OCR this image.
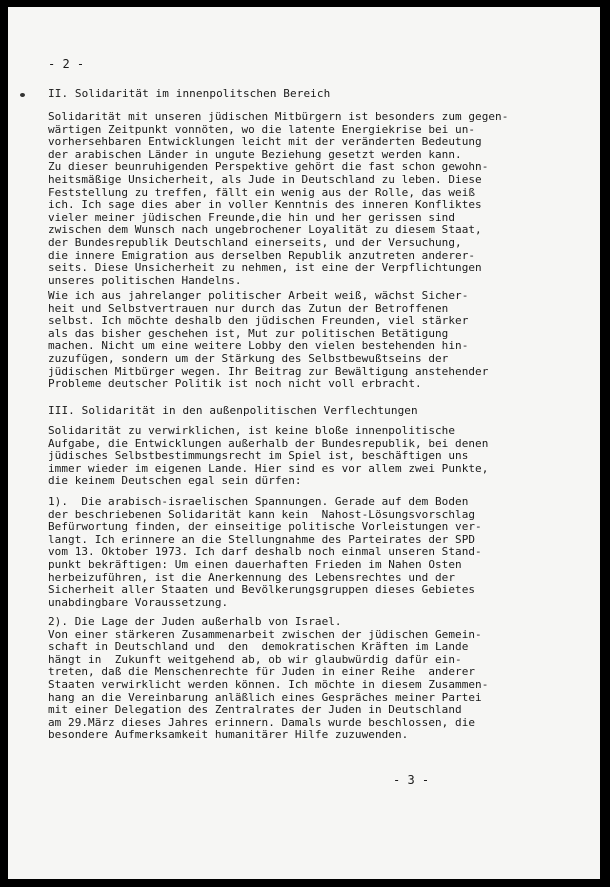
- 2 -
II. Solidarität im innenpolitschen Bereich
Solidarität mit unseren jüdischen Mitbürgern ist besonders zum gegen-
wärtigen Zeitpunkt vonnöten, wo die latente Energiekrise bei un-
vorhersehbaren Entwicklungen leicht mit der veränderten Bedeutung
der arabischen Länder in ungute Beziehung gesetzt werden kann.
Zu dieser beunruhigenden Perspektive gehört die fast schon gewohn-
heitsmäßige Unsicherheit, als Jude in Deutschland zu leben. Diese
Feststellung zu treffen, fällt ein wenig aus der Rolle, das weiß
ich. Ich sage dies aber in voller Kenntnis des inneren Konfliktes
vieler meiner jüdischen Freunde,die hin und her gerissen sind
zwischen dem Wunsch nach ungebrochener Loyalität zu diesem Staat,
der Bundesrepublik Deutschland einerseits, und der Versuchung,
die innere Emigration aus derselben Republik anzutreten anderer-
seits. Diese Unsicherheit zu nehmen, ist eine der Verpflichtungen
unseres politischen Handelns.
Wie ich aus jahrelanger politischer Arbeit weiß, wächst Sicher-
heit und Selbstvertrauen nur durch das Zutun der Betroffenen
selbst. Ich möchte deshalb den jüdischen Freunden, viel stärker
als das bisher geschehen ist, Mut zur politischen Betätigung
machen. Nicht um eine weitere Lobby den vielen bestehenden hin-
zuzufügen, sondern um der Stärkung des Selbstbewußtseins der
jüdischen Mitbürger wegen. Ihr Beitrag zur Bewältigung anstehender
Probleme deutscher Politik ist noch nicht voll erbracht.
III. Solidarität in den außenpolitischen Verflechtungen
Solidarität zu verwirklichen, ist keine bloße innenpolitische
Aufgabe, die Entwicklungen außerhalb der Bundesrepublik, bei denen
jüdisches Selbstbestimmungsrecht im Spiel ist, beschäftigen uns
immer wieder im eigenen Lande. Hier sind es vor allem zwei Punkte,
die keinem Deutschen egal sein dürfen:
1).  Die arabisch-israelischen Spannungen. Gerade auf dem Boden
der beschriebenen Solidarität kann kein  Nahost-Lösungsvorschlag
Befürwortung finden, der einseitige politische Vorleistungen ver-
langt. Ich erinnere an die Stellungnahme des Parteirates der SPD
vom 13. Oktober 1973. Ich darf deshalb noch einmal unseren Stand-
punkt bekräftigen: Um einen dauerhaften Frieden im Nahen Osten
herbeizuführen, ist die Anerkennung des Lebensrechtes und der
Sicherheit aller Staaten und Bevölkerungsgruppen dieses Gebietes
unabdingbare Voraussetzung.
2). Die Lage der Juden außerhalb von Israel.
Von einer stärkeren Zusammenarbeit zwischen der jüdischen Gemein-
schaft in Deutschland und  den  demokratischen Kräften im Lande
hängt in  Zukunft weitgehend ab, ob wir glaubwürdig dafür ein-
treten, daß die Menschenrechte für Juden in einer Reihe  anderer
Staaten verwirklicht werden können. Ich möchte in diesem Zusammen-
hang an die Vereinbarung anläßlich eines Gespräches meiner Partei
mit einer Delegation des Zentralrates der Juden in Deutschland
am 29.März dieses Jahres erinnern. Damals wurde beschlossen, die
besondere Aufmerksamkeit humanitärer Hilfe zuzuwenden.
- 3 -
